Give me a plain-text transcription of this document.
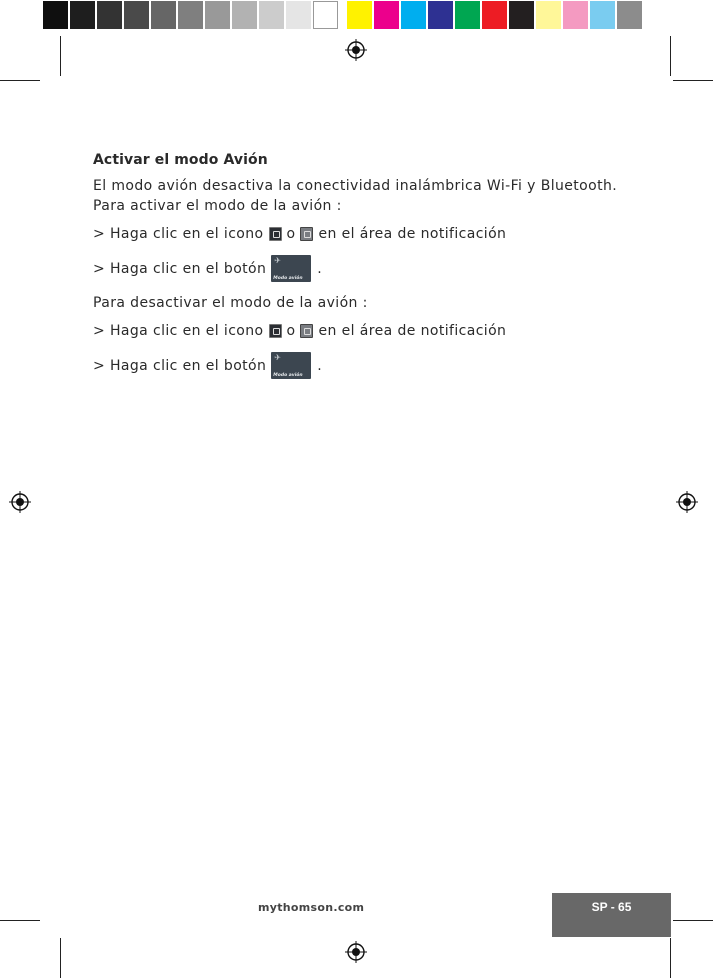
Activar el modo Avión

El modo avión desactiva la conectividad inalámbrica Wi-Fi y Bluetooth. Para activar el modo de la avión :

> Haga clic en el icono o en el área de notificación
> Haga clic en el botón ✈
Modo avión
.

Para desactivar el modo de la avión :

> Haga clic en el icono o en el área de notificación
> Haga clic en el botón ✈
Modo avión
.
mythomson.com	SP - 65
